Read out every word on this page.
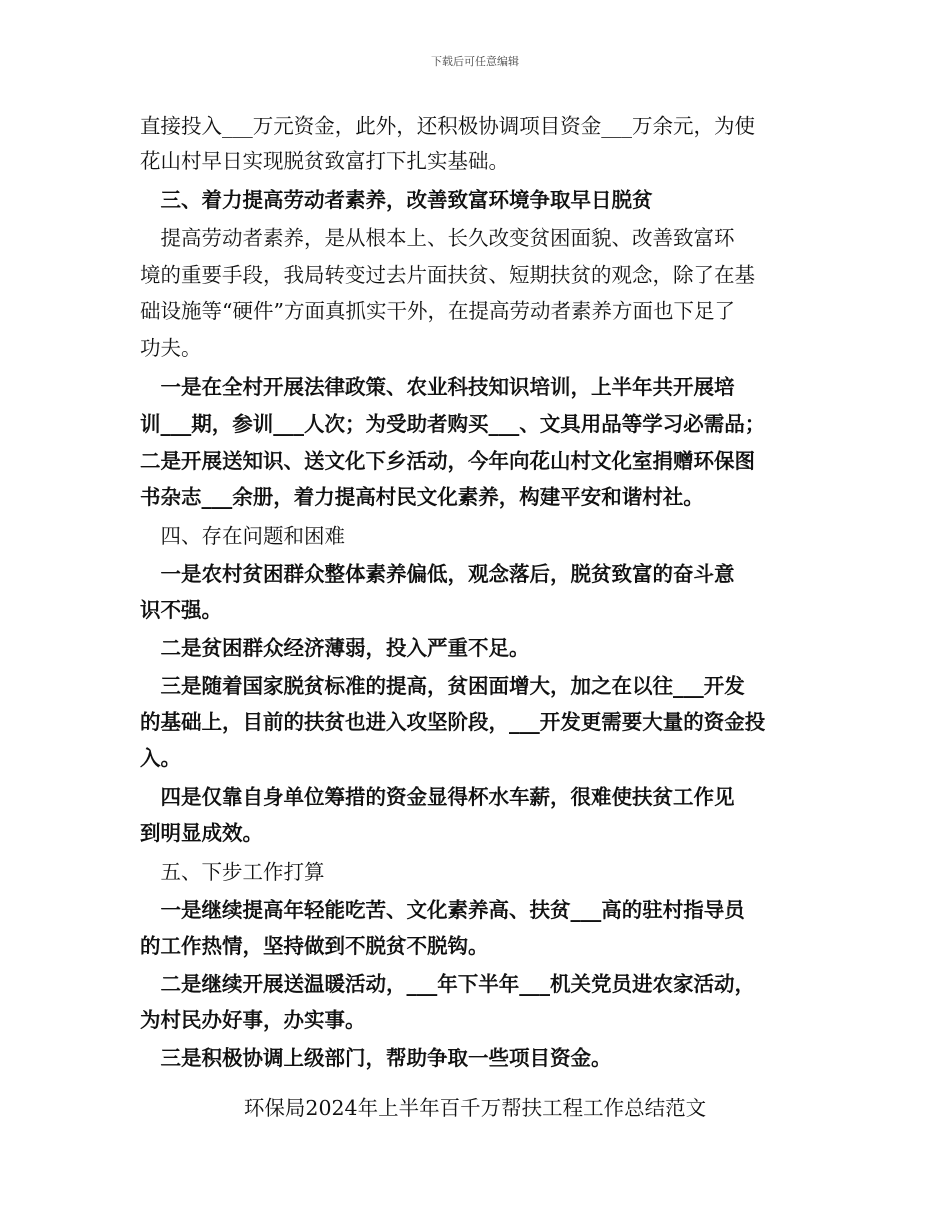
下载后可任意编辑
直接投入___万元资金，此外，还积极协调项目资金___万余元，为使
花山村早日实现脱贫致富打下扎实基础。
　三、着力提高劳动者素养，改善致富环境争取早日脱贫
　提高劳动者素养，是从根本上、长久改变贫困面貌、改善致富环
境的重要手段，我局转变过去片面扶贫、短期扶贫的观念，除了在基
础设施等“硬件”方面真抓实干外，在提高劳动者素养方面也下足了
功夫。
　一是在全村开展法律政策、农业科技知识培训，上半年共开展培
训___期，参训___人次；为受助者购买___、文具用品等学习必需品；
二是开展送知识、送文化下乡活动，今年向花山村文化室捐赠环保图
书杂志___余册，着力提高村民文化素养，构建平安和谐村社。
　四、存在问题和困难
　一是农村贫困群众整体素养偏低，观念落后，脱贫致富的奋斗意
识不强。
　二是贫困群众经济薄弱，投入严重不足。
　三是随着国家脱贫标准的提高，贫困面增大，加之在以往___开发
的基础上，目前的扶贫也进入攻坚阶段，___开发更需要大量的资金投
入。
　四是仅靠自身单位筹措的资金显得杯水车薪，很难使扶贫工作见
到明显成效。
　五、下步工作打算
　一是继续提高年轻能吃苦、文化素养高、扶贫___高的驻村指导员
的工作热情，坚持做到不脱贫不脱钩。
　二是继续开展送温暖活动，___年下半年___机关党员进农家活动，
为村民办好事，办实事。
　三是积极协调上级部门，帮助争取一些项目资金。
环保局2024年上半年百千万帮扶工程工作总结范文
